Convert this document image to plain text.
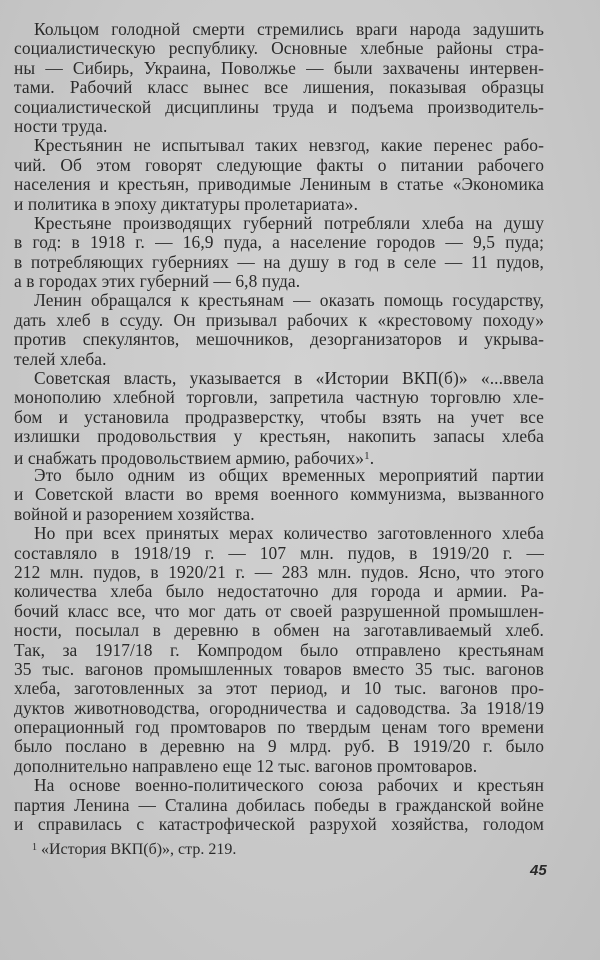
Кольцом голодной смерти стремились враги народа задушить
социалистическую республику. Основные хлебные районы стра-
ны — Сибирь, Украина, Поволжье — были захвачены интервен-
тами. Рабочий класс вынес все лишения, показывая образцы
социалистической дисциплины труда и подъема производитель-
ности труда.
Крестьянин не испытывал таких невзгод, какие перенес рабо-
чий. Об этом говорят следующие факты о питании рабочего
населения и крестьян, приводимые Лениным в статье «Экономика
и политика в эпоху диктатуры пролетариата».
Крестьяне производящих губерний потребляли хлеба на душу
в год: в 1918 г. — 16,9 пуда, а население городов — 9,5 пуда;
в потребляющих губерниях — на душу в год в селе — 11 пудов,
а в городах этих губерний — 6,8 пуда.
Ленин обращался к крестьянам — оказать помощь государству,
дать хлеб в ссуду. Он призывал рабочих к «крестовому походу»
против спекулянтов, мешочников, дезорганизаторов и укрыва-
телей хлеба.
Советская власть, указывается в «Истории ВКП(б)» «...ввела
монополию хлебной торговли, запретила частную торговлю хле-
бом и установила продразверстку, чтобы взять на учет все
излишки продовольствия у крестьян, накопить запасы хлеба
и снабжать продовольствием армию, рабочих»$^1$.
Это было одним из общих временных мероприятий партии
и Советской власти во время военного коммунизма, вызванного
войной и разорением хозяйства.
Но при всех принятых мерах количество заготовленного хлеба
составляло в 1918/19 г. — 107 млн. пудов, в 1919/20 г. —
212 млн. пудов, в 1920/21 г. — 283 млн. пудов. Ясно, что этого
количества хлеба было недостаточно для города и армии. Ра-
бочий класс все, что мог дать от своей разрушенной промышлен-
ности, посылал в деревню в обмен на заготавливаемый хлеб.
Так, за 1917/18 г. Компродом было отправлено крестьянам
35 тыс. вагонов промышленных товаров вместо 35 тыс. вагонов
хлеба, заготовленных за этот период, и 10 тыс. вагонов про-
дуктов животноводства, огородничества и садоводства. За 1918/19
операционный год промтоваров по твердым ценам того времени
было послано в деревню на 9 млрд. руб. В 1919/20 г. было
дополнительно направлено еще 12 тыс. вагонов промтоваров.
На основе военно-политического союза рабочих и крестьян
партия Ленина — Сталина добилась победы в гражданской войне
и справилась с катастрофической разрухой хозяйства, голодом
$^1$ «История ВКП(б)», стр. 219.
45
